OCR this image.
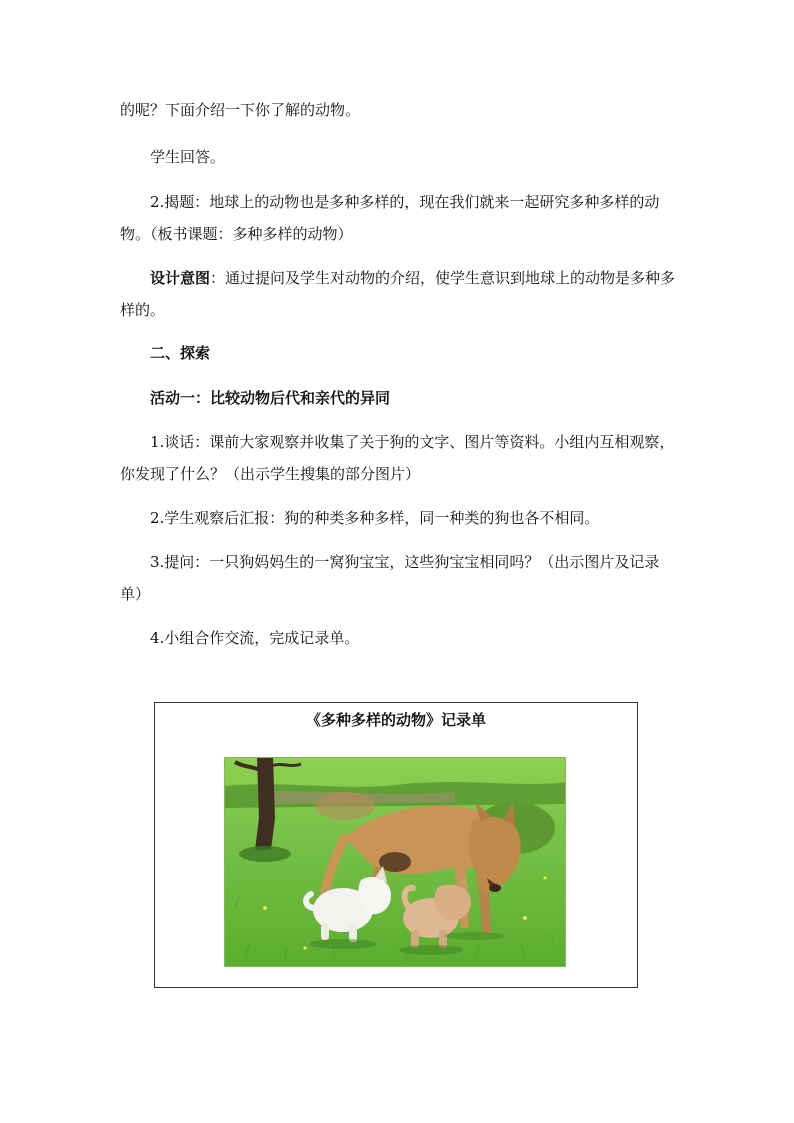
的呢？下面介绍一下你了解的动物。

学生回答。

2.揭题：地球上的动物也是多种多样的，现在我们就来一起研究多种多样的动物。（板书课题：多种多样的动物）

设计意图：通过提问及学生对动物的介绍，使学生意识到地球上的动物是多种多样的。

二、探索

活动一：比较动物后代和亲代的异同

1.谈话：课前大家观察并收集了关于狗的文字、图片等资料。小组内互相观察，你发现了什么？（出示学生搜集的部分图片）

2.学生观察后汇报：狗的种类多种多样，同一种类的狗也各不相同。

3.提问：一只狗妈妈生的一窝狗宝宝，这些狗宝宝相同吗？（出示图片及记录单）

4.小组合作交流，完成记录单。

《多种多样的动物》记录单
